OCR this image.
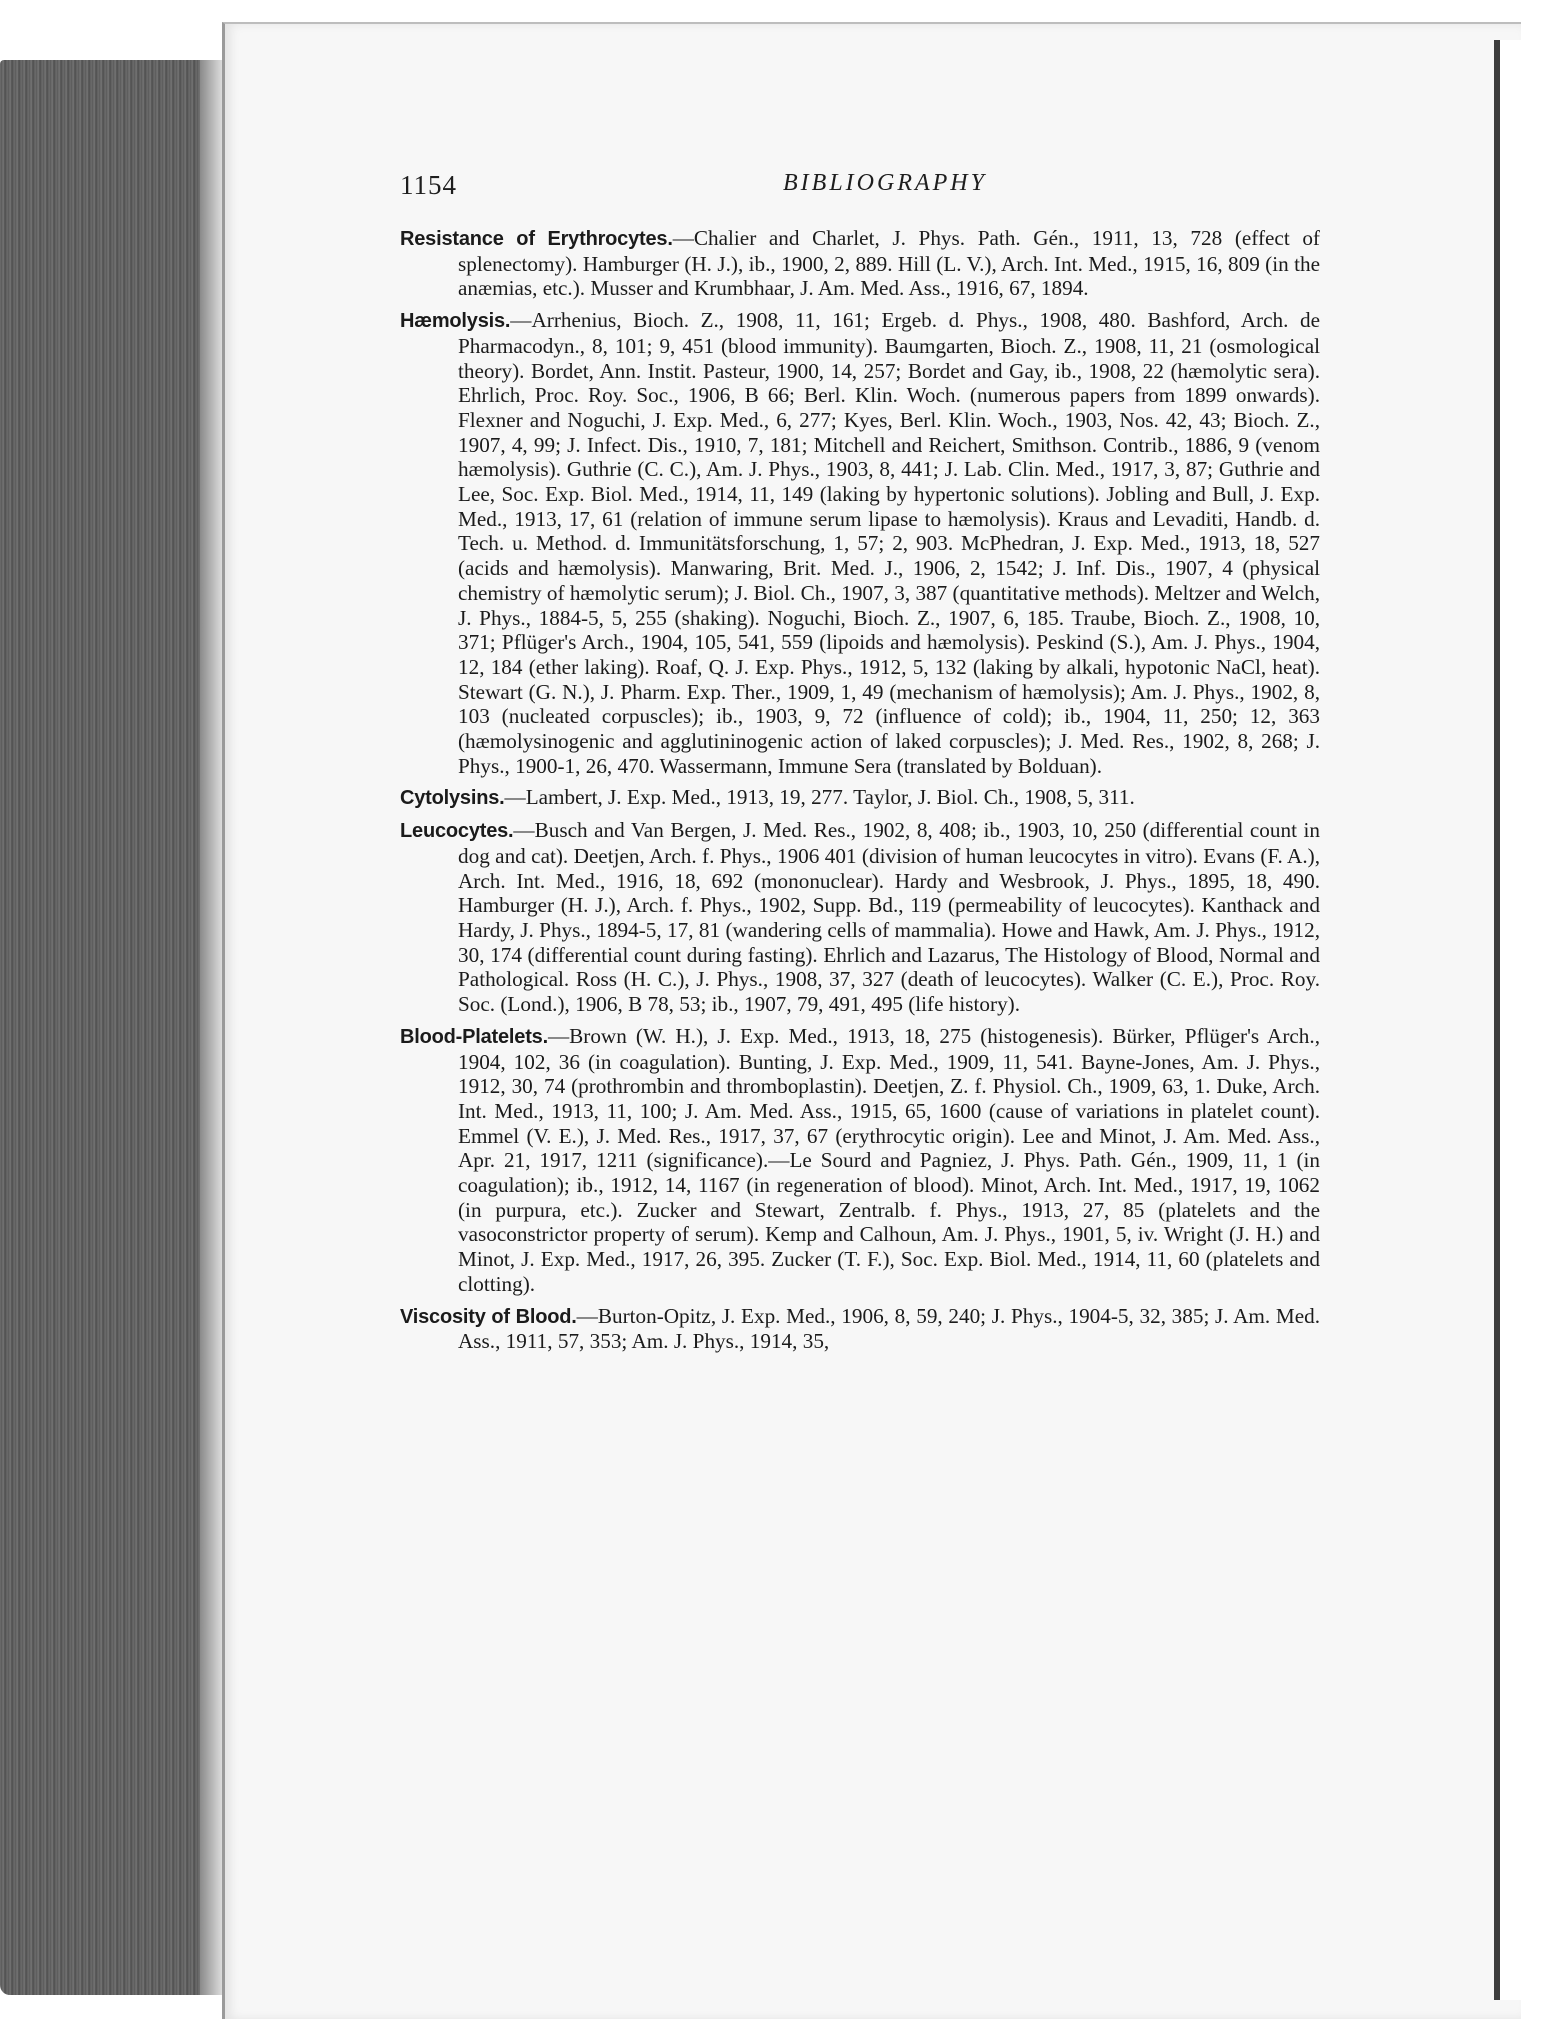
1154	BIBLIOGRAPHY

Resistance of Erythrocytes.—Chalier and Charlet, J. Phys. Path. Gén., 1911, 13, 728 (effect of splenectomy). Hamburger (H. J.), ib., 1900, 2, 889. Hill (L. V.), Arch. Int. Med., 1915, 16, 809 (in the anæmias, etc.). Musser and Krumbhaar, J. Am. Med. Ass., 1916, 67, 1894.

Hæmolysis.—Arrhenius, Bioch. Z., 1908, 11, 161; Ergeb. d. Phys., 1908, 480. Bashford, Arch. de Pharmacodyn., 8, 101; 9, 451 (blood immunity). Baumgarten, Bioch. Z., 1908, 11, 21 (osmological theory). Bordet, Ann. Instit. Pasteur, 1900, 14, 257; Bordet and Gay, ib., 1908, 22 (hæmolytic sera). Ehrlich, Proc. Roy. Soc., 1906, B 66; Berl. Klin. Woch. (numerous papers from 1899 onwards). Flexner and Noguchi, J. Exp. Med., 6, 277; Kyes, Berl. Klin. Woch., 1903, Nos. 42, 43; Bioch. Z., 1907, 4, 99; J. Infect. Dis., 1910, 7, 181; Mitchell and Reichert, Smithson. Contrib., 1886, 9 (venom hæmolysis). Guthrie (C. C.), Am. J. Phys., 1903, 8, 441; J. Lab. Clin. Med., 1917, 3, 87; Guthrie and Lee, Soc. Exp. Biol. Med., 1914, 11, 149 (laking by hypertonic solutions). Jobling and Bull, J. Exp. Med., 1913, 17, 61 (relation of immune serum lipase to hæmolysis). Kraus and Levaditi, Handb. d. Tech. u. Method. d. Immunitätsforschung, 1, 57; 2, 903. McPhedran, J. Exp. Med., 1913, 18, 527 (acids and hæmolysis). Manwaring, Brit. Med. J., 1906, 2, 1542; J. Inf. Dis., 1907, 4 (physical chemistry of hæmolytic serum); J. Biol. Ch., 1907, 3, 387 (quantitative methods). Meltzer and Welch, J. Phys., 1884-5, 5, 255 (shaking). Noguchi, Bioch. Z., 1907, 6, 185. Traube, Bioch. Z., 1908, 10, 371; Pflüger's Arch., 1904, 105, 541, 559 (lipoids and hæmolysis). Peskind (S.), Am. J. Phys., 1904, 12, 184 (ether laking). Roaf, Q. J. Exp. Phys., 1912, 5, 132 (laking by alkali, hypotonic NaCl, heat). Stewart (G. N.), J. Pharm. Exp. Ther., 1909, 1, 49 (mechanism of hæmolysis); Am. J. Phys., 1902, 8, 103 (nucleated corpuscles); ib., 1903, 9, 72 (influence of cold); ib., 1904, 11, 250; 12, 363 (hæmolysinogenic and agglutininogenic action of laked corpuscles); J. Med. Res., 1902, 8, 268; J. Phys., 1900-1, 26, 470. Wassermann, Immune Sera (translated by Bolduan).

Cytolysins.—Lambert, J. Exp. Med., 1913, 19, 277. Taylor, J. Biol. Ch., 1908, 5, 311.

Leucocytes.—Busch and Van Bergen, J. Med. Res., 1902, 8, 408; ib., 1903, 10, 250 (differential count in dog and cat). Deetjen, Arch. f. Phys., 1906 401 (division of human leucocytes in vitro). Evans (F. A.), Arch. Int. Med., 1916, 18, 692 (mononuclear). Hardy and Wesbrook, J. Phys., 1895, 18, 490. Hamburger (H. J.), Arch. f. Phys., 1902, Supp. Bd., 119 (permeability of leucocytes). Kanthack and Hardy, J. Phys., 1894-5, 17, 81 (wandering cells of mammalia). Howe and Hawk, Am. J. Phys., 1912, 30, 174 (differential count during fasting). Ehrlich and Lazarus, The Histology of Blood, Normal and Pathological. Ross (H. C.), J. Phys., 1908, 37, 327 (death of leucocytes). Walker (C. E.), Proc. Roy. Soc. (Lond.), 1906, B 78, 53; ib., 1907, 79, 491, 495 (life history).

Blood-Platelets.—Brown (W. H.), J. Exp. Med., 1913, 18, 275 (histogenesis). Bürker, Pflüger's Arch., 1904, 102, 36 (in coagulation). Bunting, J. Exp. Med., 1909, 11, 541. Bayne-Jones, Am. J. Phys., 1912, 30, 74 (prothrombin and thromboplastin). Deetjen, Z. f. Physiol. Ch., 1909, 63, 1. Duke, Arch. Int. Med., 1913, 11, 100; J. Am. Med. Ass., 1915, 65, 1600 (cause of variations in platelet count). Emmel (V. E.), J. Med. Res., 1917, 37, 67 (erythrocytic origin). Lee and Minot, J. Am. Med. Ass., Apr. 21, 1917, 1211 (significance).—Le Sourd and Pagniez, J. Phys. Path. Gén., 1909, 11, 1 (in coagulation); ib., 1912, 14, 1167 (in regeneration of blood). Minot, Arch. Int. Med., 1917, 19, 1062 (in purpura, etc.). Zucker and Stewart, Zentralb. f. Phys., 1913, 27, 85 (platelets and the vasoconstrictor property of serum). Kemp and Calhoun, Am. J. Phys., 1901, 5, iv. Wright (J. H.) and Minot, J. Exp. Med., 1917, 26, 395. Zucker (T. F.), Soc. Exp. Biol. Med., 1914, 11, 60 (platelets and clotting).

Viscosity of Blood.—Burton-Opitz, J. Exp. Med., 1906, 8, 59, 240; J. Phys., 1904-5, 32, 385; J. Am. Med. Ass., 1911, 57, 353; Am. J. Phys., 1914, 35,
